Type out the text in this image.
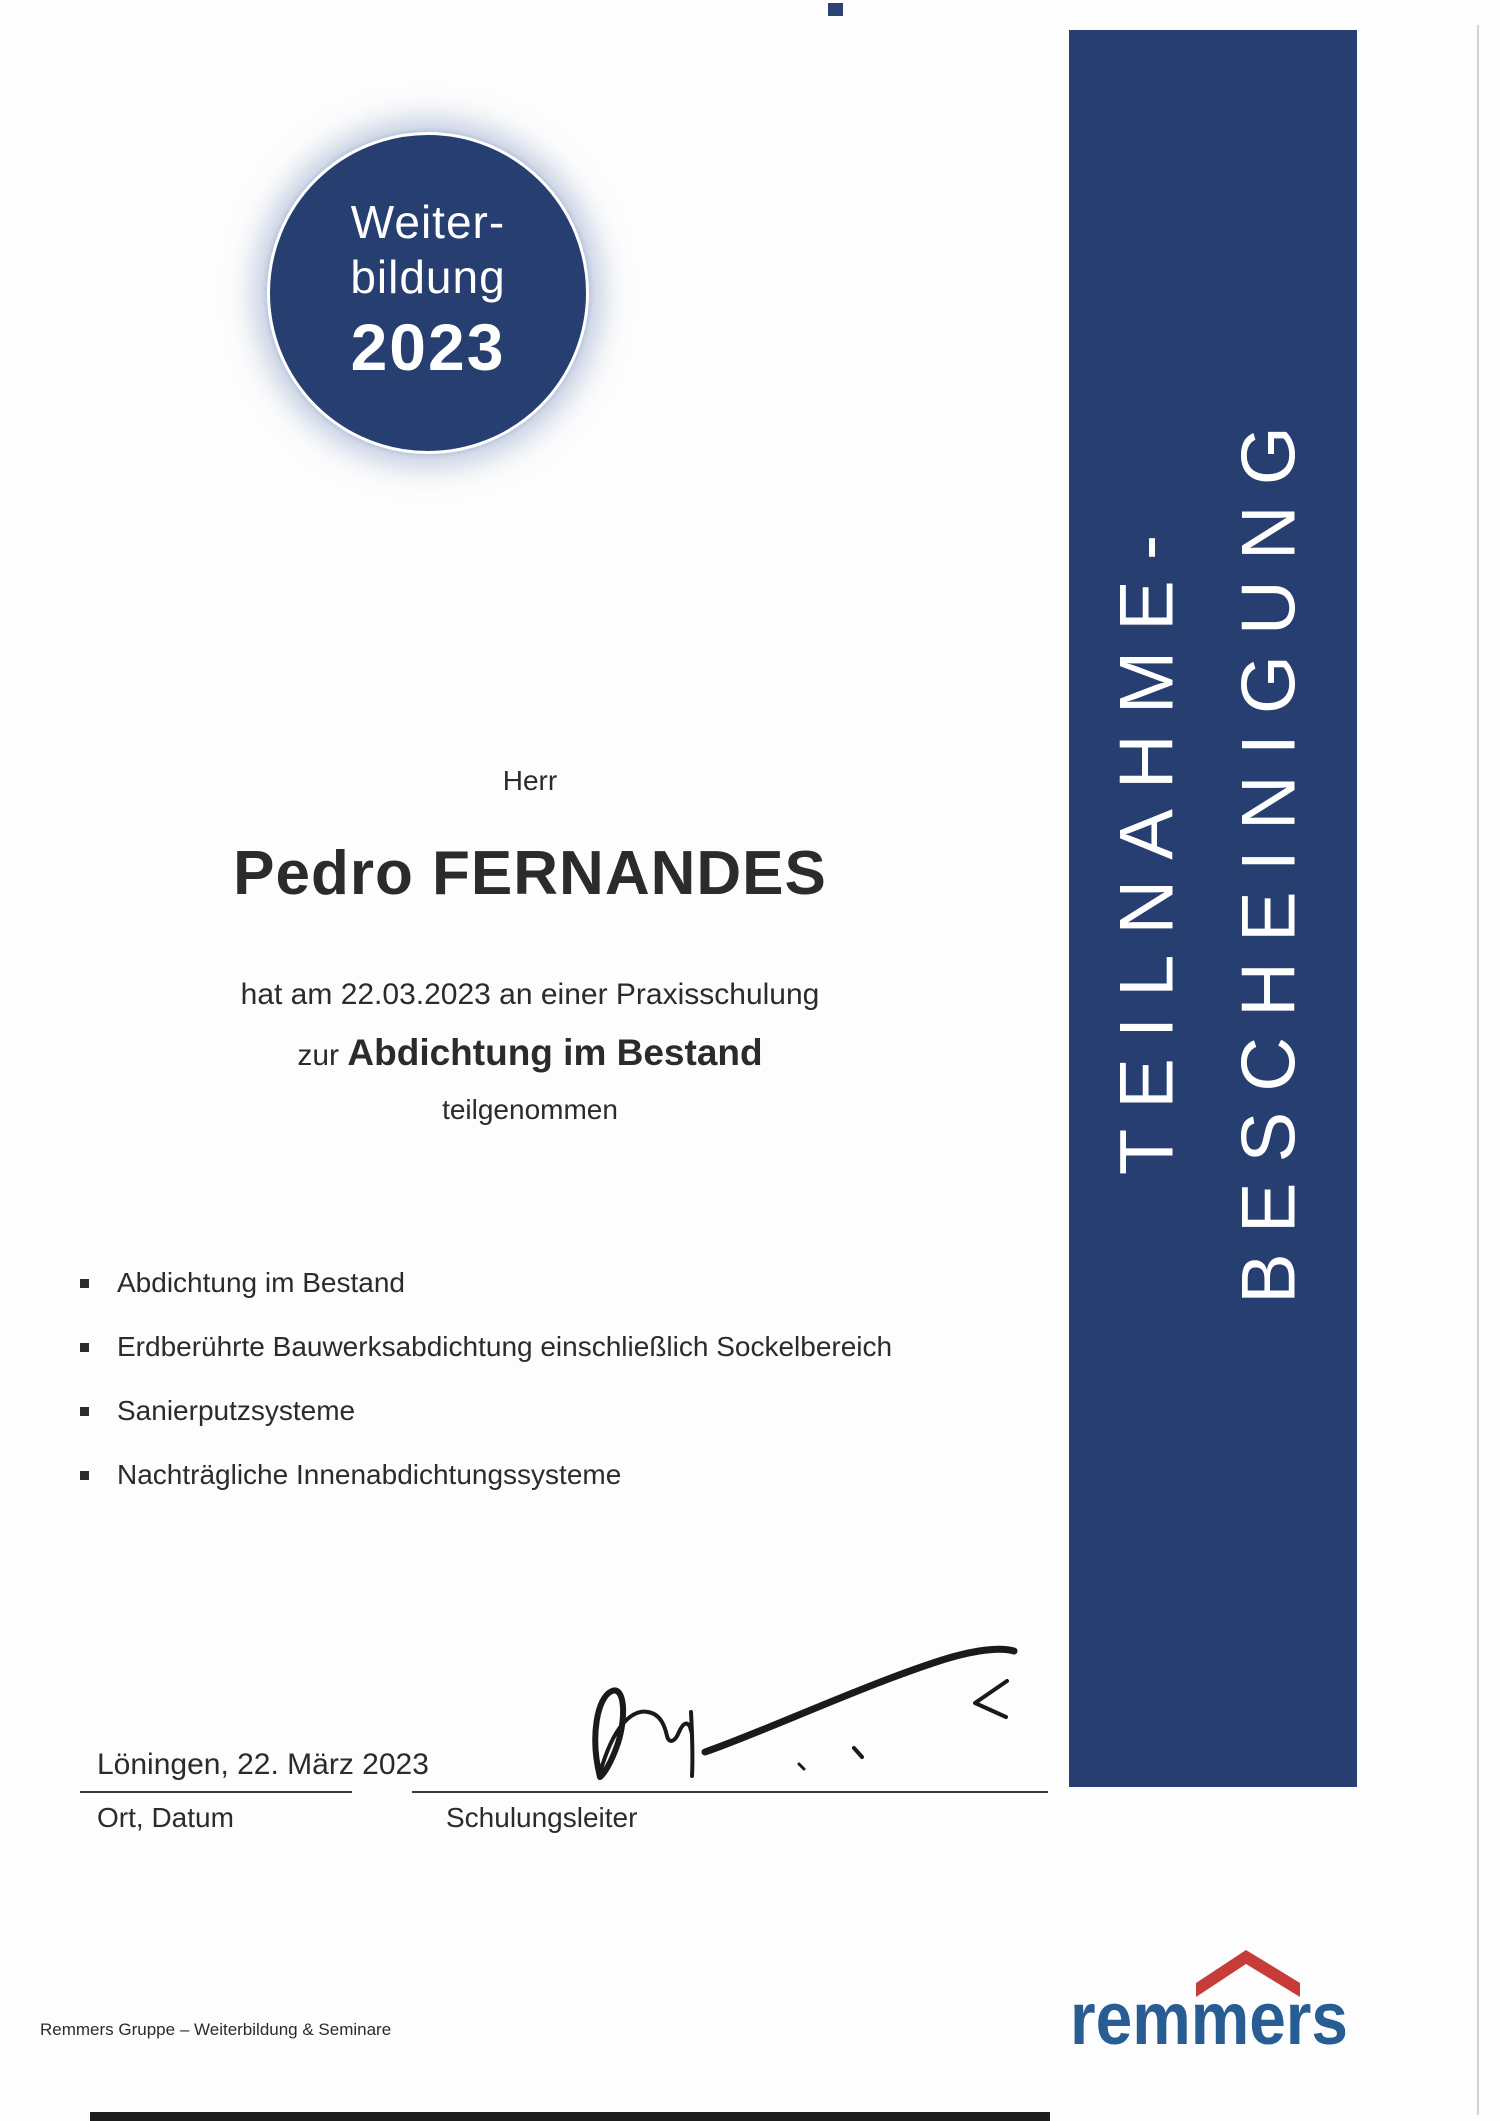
Weiter-
bildung
2023
TEILNAHME- BESCHEINIGUNG
Herr
Pedro FERNANDES
hat am 22.03.2023 an einer Praxisschulung
zur Abdichtung im Bestand
teilgenommen
Abdichtung im Bestand
Erdberührte Bauwerksabdichtung einschließlich Sockelbereich
Sanierputzsysteme
Nachträgliche Innenabdichtungssysteme
Löningen, 22. März 2023
Ort, Datum	Schulungsleiter
Remmers Gruppe – Weiterbildung & Seminare	remmers
